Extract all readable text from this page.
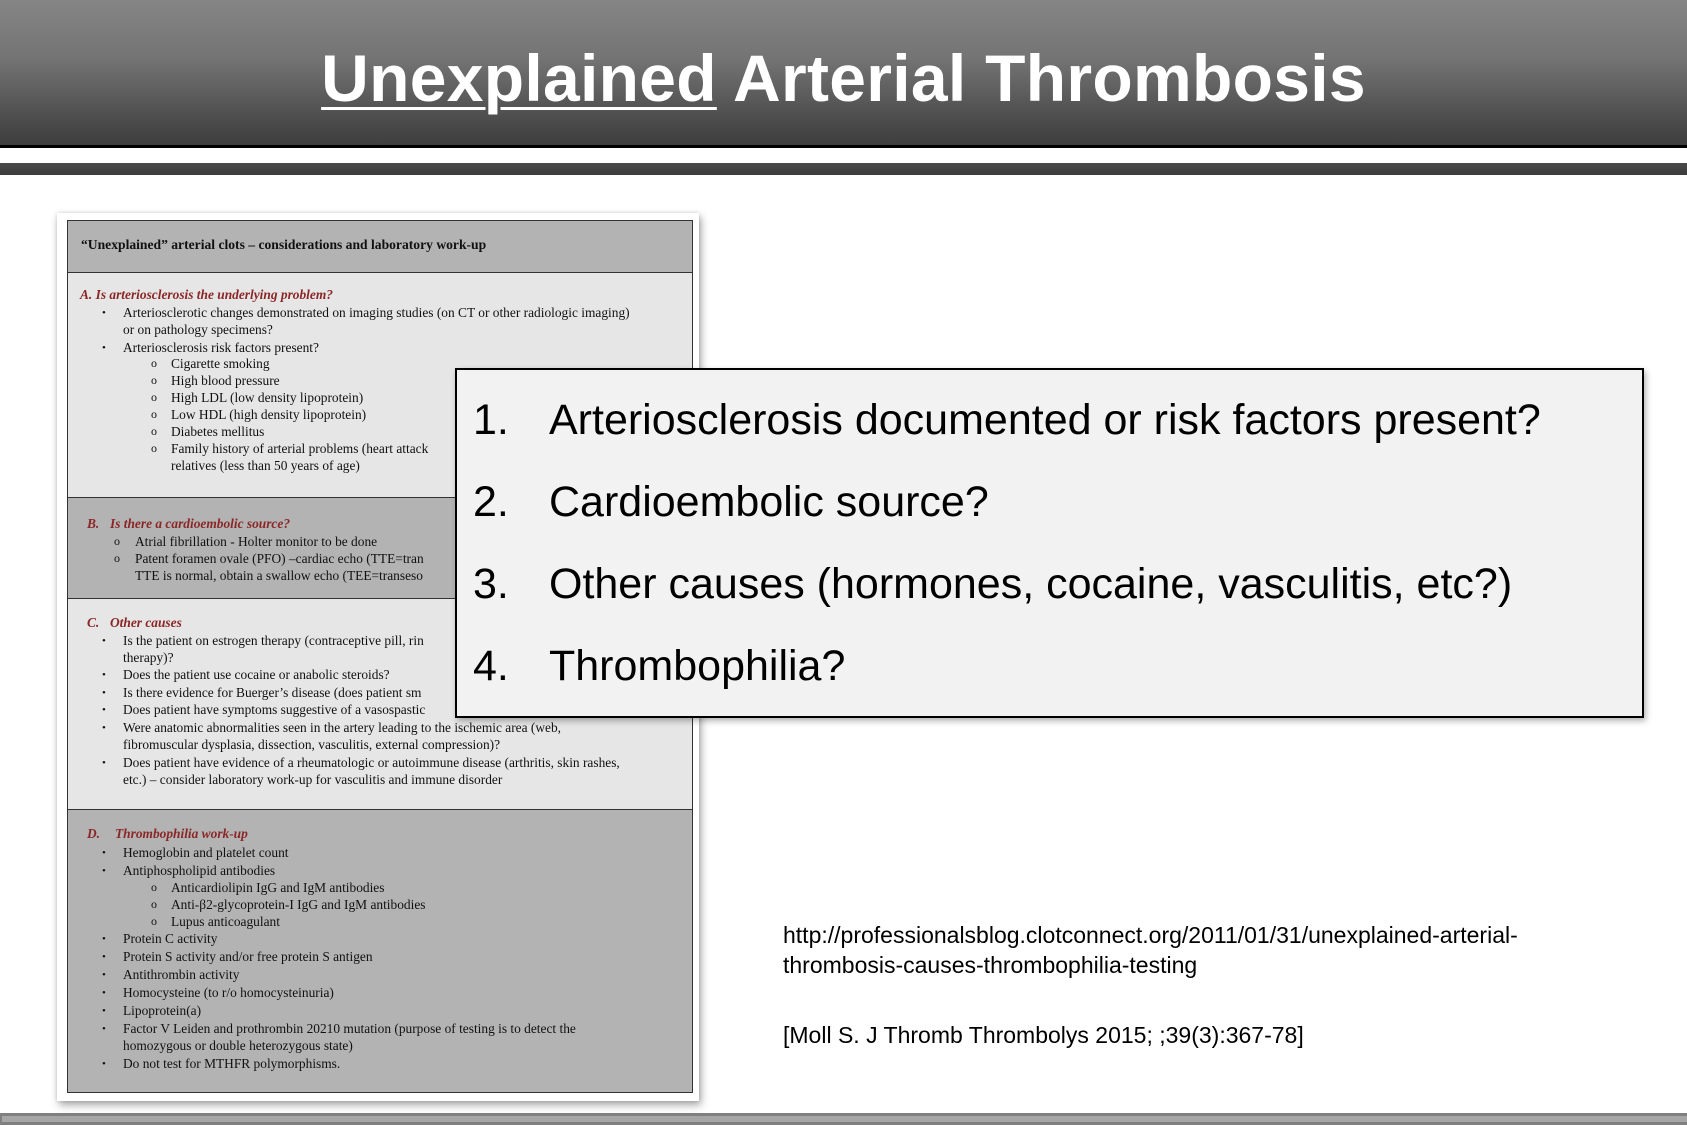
Unexplained Arterial Thrombosis
“Unexplained” arterial clots – considerations and laboratory work-up
A. Is arteriosclerosis the underlying problem?
• Arteriosclerotic changes demonstrated on imaging studies (on CT or other radiologic imaging)
or on pathology specimens?
• Arteriosclerosis risk factors present?
o Cigarette smoking
o High blood pressure
o High LDL (low density lipoprotein)
o Low HDL (high density lipoprotein)
o Diabetes mellitus
o Family history of arterial problems (heart attack
relatives (less than 50 years of age)
B. Is there a cardioembolic source?
o Atrial fibrillation - Holter monitor to be done
o Patent foramen ovale (PFO) –cardiac echo (TTE=tran
TTE is normal, obtain a swallow echo (TEE=transeso
C. Other causes
• Is the patient on estrogen therapy (contraceptive pill, rin
therapy)?
• Does the patient use cocaine or anabolic steroids?
• Is there evidence for Buerger’s disease (does patient sm
• Does patient have symptoms suggestive of a vasospastic
• Were anatomic abnormalities seen in the artery leading to the ischemic area (web,
fibromuscular dysplasia, dissection, vasculitis, external compression)?
• Does patient have evidence of a rheumatologic or autoimmune disease (arthritis, skin rashes,
etc.) – consider laboratory work-up for vasculitis and immune disorder
D. Thrombophilia work-up
• Hemoglobin and platelet count
• Antiphospholipid antibodies
o Anticardiolipin IgG and IgM antibodies
o Anti-β2-glycoprotein-I IgG and IgM antibodies
o Lupus anticoagulant
• Protein C activity
• Protein S activity and/or free protein S antigen
• Antithrombin activity
• Homocysteine (to r/o homocysteinuria)
• Lipoprotein(a)
• Factor V Leiden and prothrombin 20210 mutation (purpose of testing is to detect the
homozygous or double heterozygous state)
• Do not test for MTHFR polymorphisms.
1. Arteriosclerosis documented or risk factors present?
2. Cardioembolic source?
3. Other causes (hormones, cocaine, vasculitis, etc?)
4. Thrombophilia?
http://professionalsblog.clotconnect.org/2011/01/31/unexplained-arterial-
thrombosis-causes-thrombophilia-testing
[Moll S. J Thromb Thrombolys 2015; ;39(3):367-78]
